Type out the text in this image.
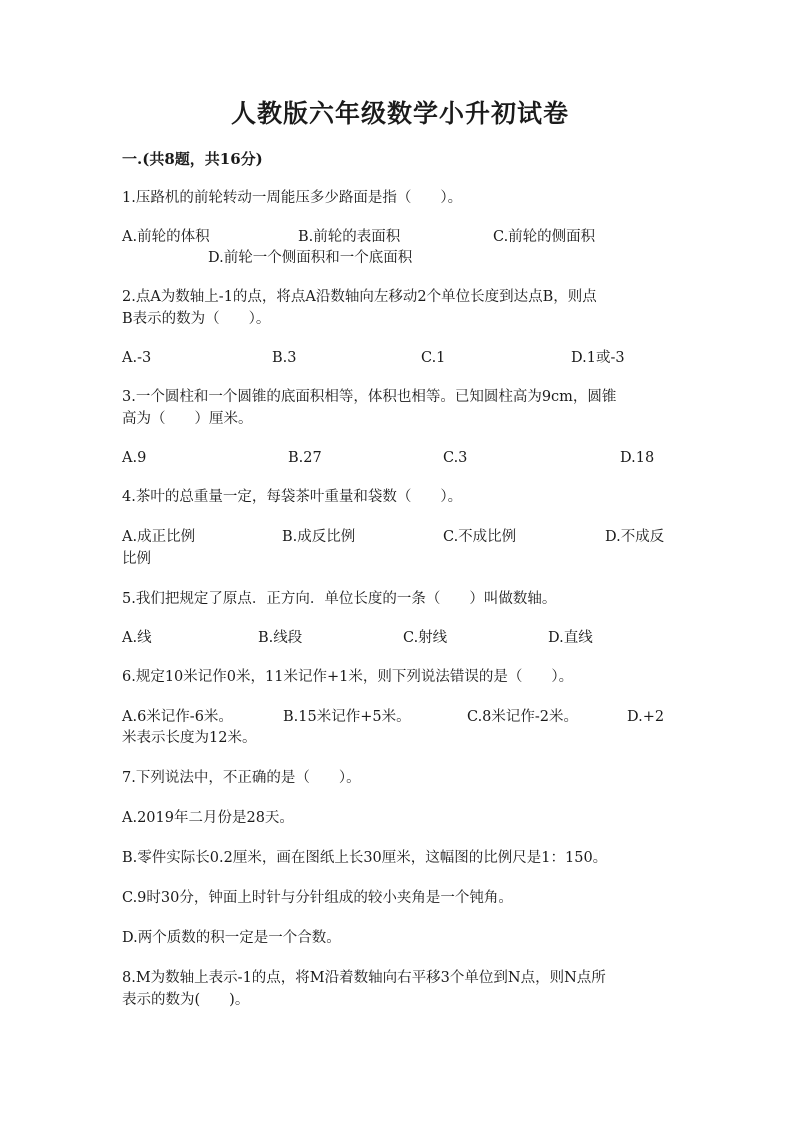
人教版六年级数学小升初试卷
一.(共8题，共16分)
1.压路机的前轮转动一周能压多少路面是指（　　）。
A.前轮的体积	B.前轮的表面积	C.前轮的侧面积
D.前轮一个侧面积和一个底面积
2.点A为数轴上-1的点，将点A沿数轴向左移动2个单位长度到达点B，则点
B表示的数为（　　）。
A.-3	B.3	C.1	D.1或-3
3.一个圆柱和一个圆锥的底面积相等，体积也相等。已知圆柱高为9cm，圆锥
高为（　　）厘米。
A.9	B.27	C.3	D.18
4.茶叶的总重量一定，每袋茶叶重量和袋数（　　）。
A.成正比例	B.成反比例	C.不成比例	D.不成反
比例
5.我们把规定了原点．正方向．单位长度的一条（　　）叫做数轴。
A.线	B.线段	C.射线	D.直线
6.规定10米记作0米，11米记作+1米，则下列说法错误的是（　　）。
A.6米记作-6米。	B.15米记作+5米。	C.8米记作-2米。	D.+2
米表示长度为12米。
7.下列说法中，不正确的是（　　）。
A.2019年二月份是28天。
B.零件实际长0.2厘米，画在图纸上长30厘米，这幅图的比例尺是1：150。
C.9时30分，钟面上时针与分针组成的较小夹角是一个钝角。
D.两个质数的积一定是一个合数。
8.M为数轴上表示-1的点，将M沿着数轴向右平移3个单位到N点，则N点所
表示的数为(　　)。
